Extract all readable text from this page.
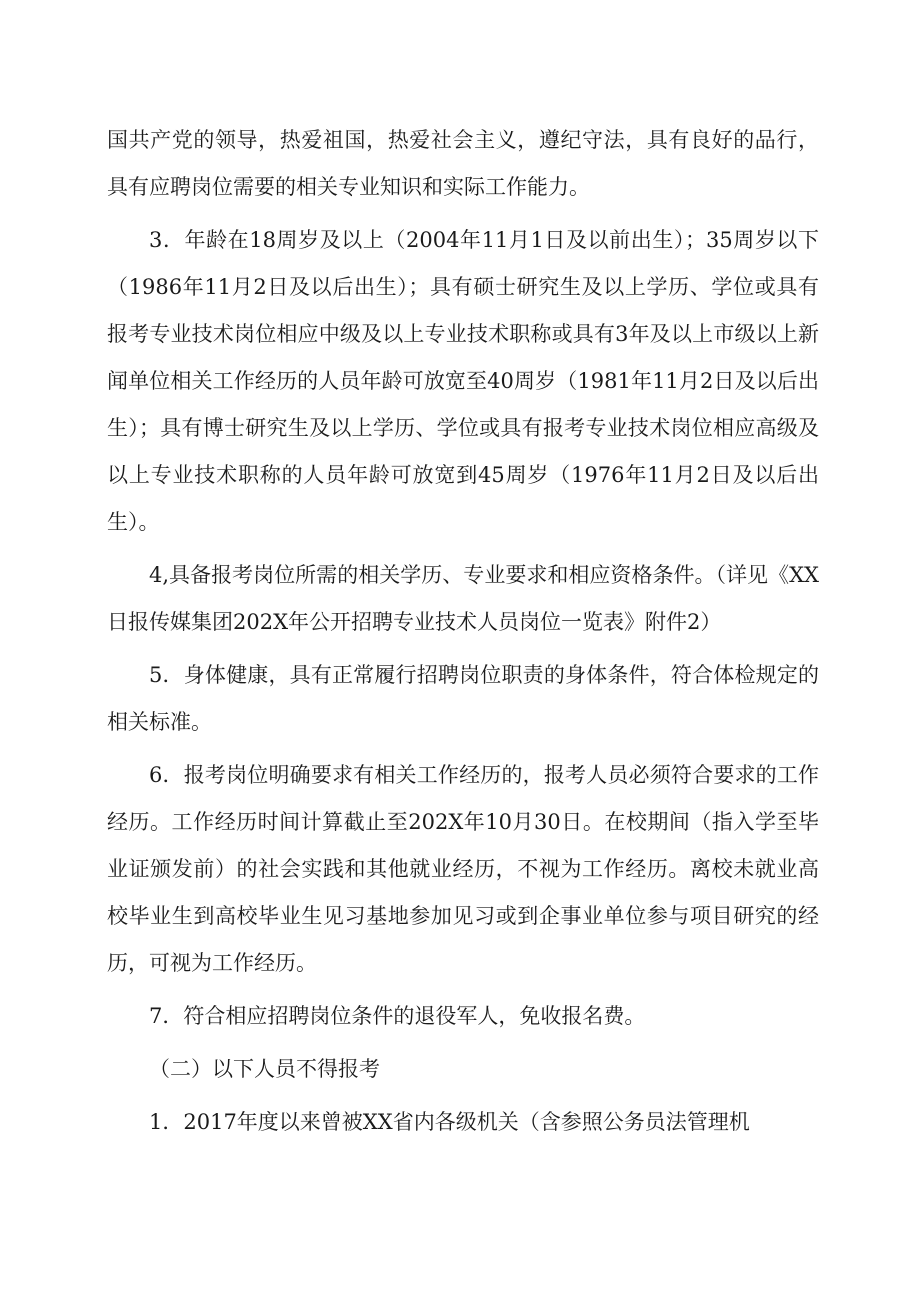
国共产党的领导，热爱祖国，热爱社会主义，遵纪守法，具有良好的品行，具有应聘岗位需要的相关专业知识和实际工作能力。

3．年龄在18周岁及以上（2004年11月1日及以前出生）；35周岁以下（1986年11月2日及以后出生）；具有硕士研究生及以上学历、学位或具有报考专业技术岗位相应中级及以上专业技术职称或具有3年及以上市级以上新闻单位相关工作经历的人员年龄可放宽至40周岁（1981年11月2日及以后出生）；具有博士研究生及以上学历、学位或具有报考专业技术岗位相应高级及以上专业技术职称的人员年龄可放宽到45周岁（1976年11月2日及以后出生）。

4,具备报考岗位所需的相关学历、专业要求和相应资格条件。（详见《XX日报传媒集团202X年公开招聘专业技术人员岗位一览表》附件2）

5．身体健康，具有正常履行招聘岗位职责的身体条件，符合体检规定的相关标准。

6．报考岗位明确要求有相关工作经历的，报考人员必须符合要求的工作经历。工作经历时间计算截止至202X年10月30日。在校期间（指入学至毕业证颁发前）的社会实践和其他就业经历，不视为工作经历。离校未就业高校毕业生到高校毕业生见习基地参加见习或到企事业单位参与项目研究的经历，可视为工作经历。

7．符合相应招聘岗位条件的退役军人，免收报名费。

（二）以下人员不得报考

1．2017年度以来曾被XX省内各级机关（含参照公务员法管理机
